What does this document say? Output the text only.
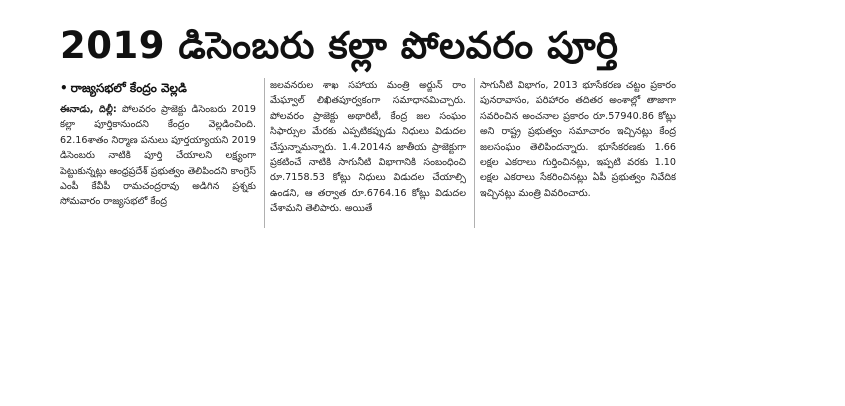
2019 డిసెంబరు కల్లా పోలవరం పూర్తి
• రాజ్యసభలో కేంద్రం వెల్లడి
ఈనాడు, దిల్లీ: పోలవరం ప్రాజెక్టు డిసెంబరు 2019 కల్లా పూర్తికానుందని కేంద్రం వెల్లడించింది. 62.16శాతం నిర్మాణ పనులు పూర్తయ్యాయని 2019 డిసెంబరు నాటికి పూర్తి చేయాలని లక్ష్యంగా పెట్టుకున్నట్లు ఆంధ్రప్రదేశ్ ప్రభుత్వం తెలిపిందని కాంగ్రెస్ ఎంపీ కేవీపీ రామచంద్రరావు అడిగిన ప్రశ్నకు సోమవారం రాజ్యసభలో కేంద్ర
జలవనరుల శాఖ సహాయ మంత్రి అర్జున్ రాం మేఘ్వాల్ లిఖితపూర్వకంగా సమాధానమిచ్చారు. పోలవరం ప్రాజెక్టు అథారిటీ, కేంద్ర జల సంఘం సిఫార్సుల మేరకు ఎప్పటికప్పుడు నిధులు విడుదల చేస్తున్నామన్నారు. 1.4.2014న జాతీయ ప్రాజెక్టుగా ప్రకటించే నాటికి సాగునీటి విభాగానికి సంబంధించి రూ.7158.53 కోట్లు నిధులు విడుదల చేయాల్సి ఉండని, ఆ తర్వాత రూ.6764.16 కోట్లు విడుదల చేశామని తెలిపారు. అయితే
సాగునీటి విభాగం, 2013 భూసేకరణ చట్టం ప్రకారం పునరావాసం, పరిహారం తదితర అంశాల్లో తాజాగా సవరించిన అంచనాల ప్రకారం రూ.57940.86 కోట్లు అని రాష్ట్ర ప్రభుత్వం సమాచారం ఇచ్చినట్లు కేంద్ర జలసంఘం తెలిపిందన్నారు. భూసేకరణకు 1.66 లక్షల ఎకరాలు గుర్తించినట్లు, ఇప్పటి వరకు 1.10 లక్షల ఎకరాలు సేకరించినట్లు ఏపీ ప్రభుత్వం నివేదిక ఇచ్చినట్లు మంత్రి వివరించారు.
